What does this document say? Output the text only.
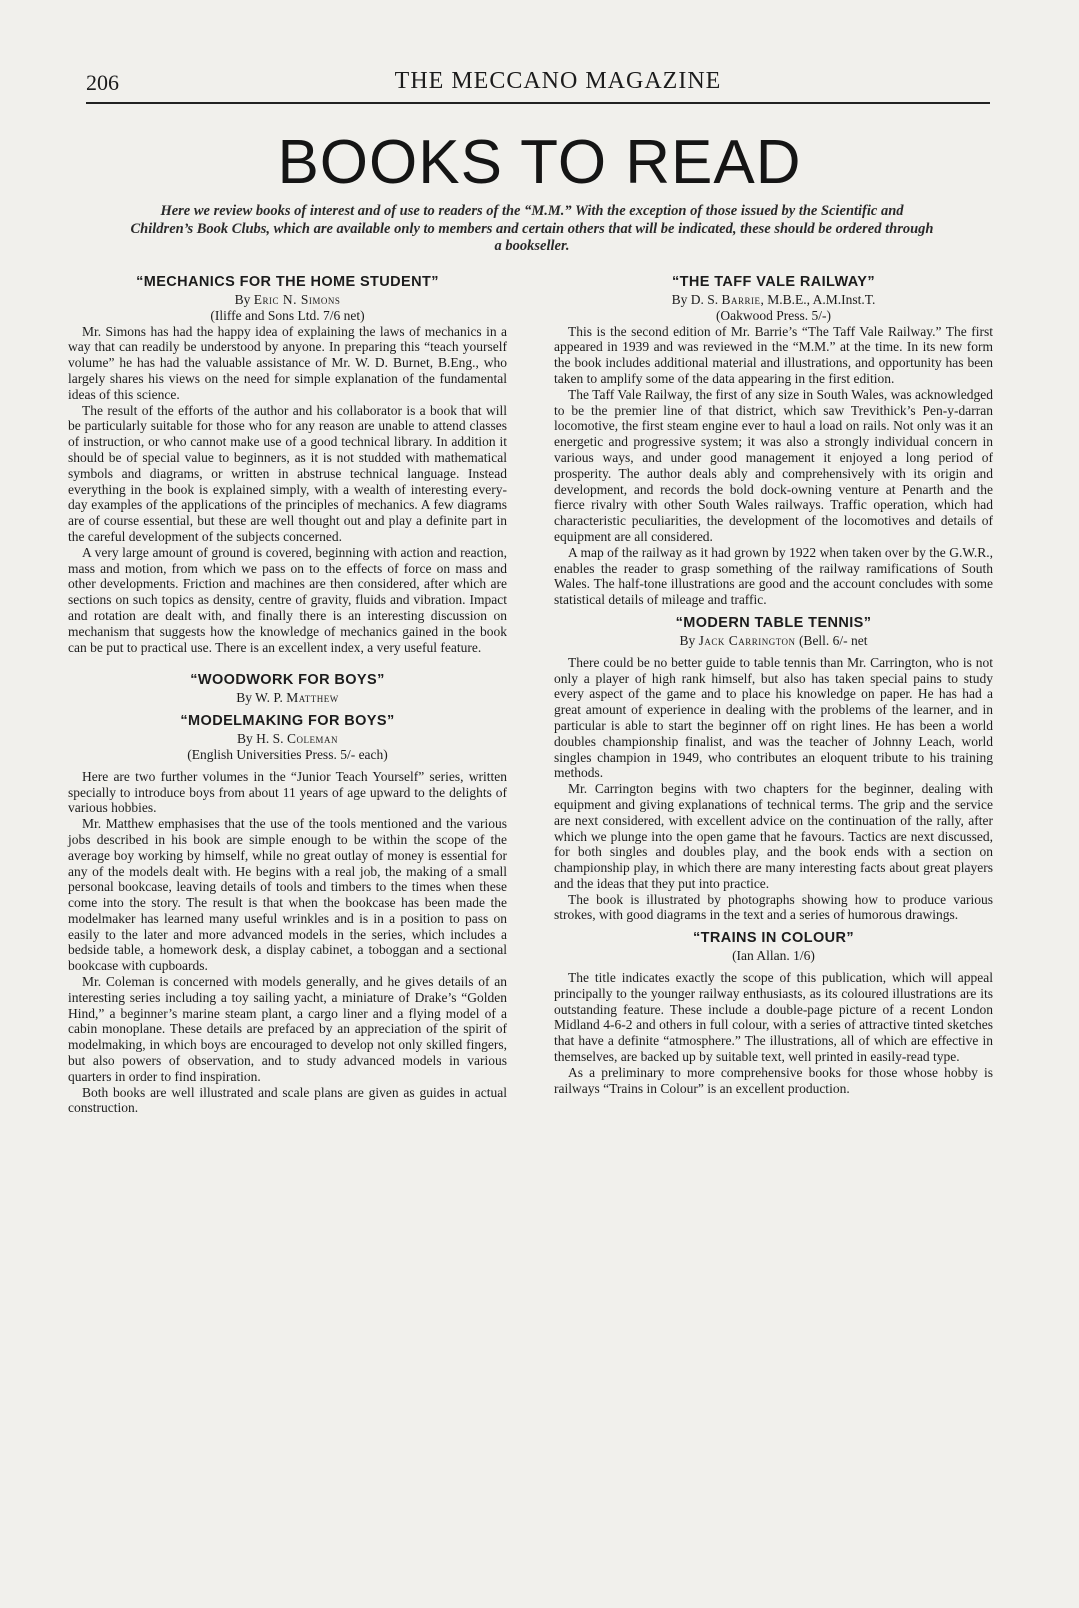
206	THE MECCANO MAGAZINE
BOOKS TO READ
Here we review books of interest and of use to readers of the “M.M.” With the exception of those issued by the Scientific and Children’s Book Clubs, which are available only to members and certain others that will be indicated, these should be ordered through a bookseller.
“MECHANICS FOR THE HOME STUDENT”
By Eric N. Simons
(Iliffe and Sons Ltd. 7/6 net)

Mr. Simons has had the happy idea of explaining the laws of mechanics in a way that can readily be understood by anyone. In preparing this “teach yourself volume” he has had the valuable assistance of Mr. W. D. Burnet, B.Eng., who largely shares his views on the need for simple explanation of the fundamental ideas of this science.

The result of the efforts of the author and his collaborator is a book that will be particularly suitable for those who for any reason are unable to attend classes of instruction, or who cannot make use of a good technical library. In addition it should be of special value to beginners, as it is not studded with mathematical symbols and diagrams, or written in abstruse technical language. Instead everything in the book is explained simply, with a wealth of interesting every-day examples of the applications of the principles of mechanics. A few diagrams are of course essential, but these are well thought out and play a definite part in the careful development of the subjects concerned.

A very large amount of ground is covered, beginning with action and reaction, mass and motion, from which we pass on to the effects of force on mass and other developments. Friction and machines are then considered, after which are sections on such topics as density, centre of gravity, fluids and vibration. Impact and rotation are dealt with, and finally there is an interesting discussion on mechanism that suggests how the knowledge of mechanics gained in the book can be put to practical use. There is an excellent index, a very useful feature.

“WOODWORK FOR BOYS”
By W. P. Matthew
“MODELMAKING FOR BOYS”
By H. S. Coleman
(English Universities Press. 5/- each)

Here are two further volumes in the “Junior Teach Yourself” series, written specially to introduce boys from about 11 years of age upward to the delights of various hobbies.

Mr. Matthew emphasises that the use of the tools mentioned and the various jobs described in his book are simple enough to be within the scope of the average boy working by himself, while no great outlay of money is essential for any of the models dealt with. He begins with a real job, the making of a small personal bookcase, leaving details of tools and timbers to the times when these come into the story. The result is that when the bookcase has been made the modelmaker has learned many useful wrinkles and is in a position to pass on easily to the later and more advanced models in the series, which includes a bedside table, a homework desk, a display cabinet, a toboggan and a sectional bookcase with cupboards.

Mr. Coleman is concerned with models generally, and he gives details of an interesting series including a toy sailing yacht, a miniature of Drake’s “Golden Hind,” a beginner’s marine steam plant, a cargo liner and a flying model of a cabin monoplane. These details are prefaced by an appreciation of the spirit of modelmaking, in which boys are encouraged to develop not only skilled fingers, but also powers of observation, and to study advanced models in various quarters in order to find inspiration.

Both books are well illustrated and scale plans are given as guides in actual construction.

“THE TAFF VALE RAILWAY”
By D. S. Barrie, M.B.E., A.M.Inst.T.
(Oakwood Press. 5/-)

This is the second edition of Mr. Barrie’s “The Taff Vale Railway.” The first appeared in 1939 and was reviewed in the “M.M.” at the time. In its new form the book includes additional material and illustrations, and opportunity has been taken to amplify some of the data appearing in the first edition.

The Taff Vale Railway, the first of any size in South Wales, was acknowledged to be the premier line of that district, which saw Trevithick’s Pen-y-darran locomotive, the first steam engine ever to haul a load on rails. Not only was it an energetic and progressive system; it was also a strongly individual concern in various ways, and under good management it enjoyed a long period of prosperity. The author deals ably and comprehensively with its origin and development, and records the bold dock-owning venture at Penarth and the fierce rivalry with other South Wales railways. Traffic operation, which had characteristic peculiarities, the development of the locomotives and details of equipment are all considered.

A map of the railway as it had grown by 1922 when taken over by the G.W.R., enables the reader to grasp something of the railway ramifications of South Wales. The half-tone illustrations are good and the account concludes with some statistical details of mileage and traffic.

“MODERN TABLE TENNIS”
By Jack Carrington (Bell. 6/- net

There could be no better guide to table tennis than Mr. Carrington, who is not only a player of high rank himself, but also has taken special pains to study every aspect of the game and to place his knowledge on paper. He has had a great amount of experience in dealing with the problems of the learner, and in particular is able to start the beginner off on right lines. He has been a world doubles championship finalist, and was the teacher of Johnny Leach, world singles champion in 1949, who contributes an eloquent tribute to his training methods.

Mr. Carrington begins with two chapters for the beginner, dealing with equipment and giving explanations of technical terms. The grip and the service are next considered, with excellent advice on the continuation of the rally, after which we plunge into the open game that he favours. Tactics are next discussed, for both singles and doubles play, and the book ends with a section on championship play, in which there are many interesting facts about great players and the ideas that they put into practice.

The book is illustrated by photographs showing how to produce various strokes, with good diagrams in the text and a series of humorous drawings.

“TRAINS IN COLOUR”
(Ian Allan. 1/6)

The title indicates exactly the scope of this publication, which will appeal principally to the younger railway enthusiasts, as its coloured illustrations are its outstanding feature. These include a double-page picture of a recent London Midland 4-6-2 and others in full colour, with a series of attractive tinted sketches that have a definite “atmosphere.” The illustrations, all of which are effective in themselves, are backed up by suitable text, well printed in easily-read type.

As a preliminary to more comprehensive books for those whose hobby is railways “Trains in Colour” is an excellent production.
